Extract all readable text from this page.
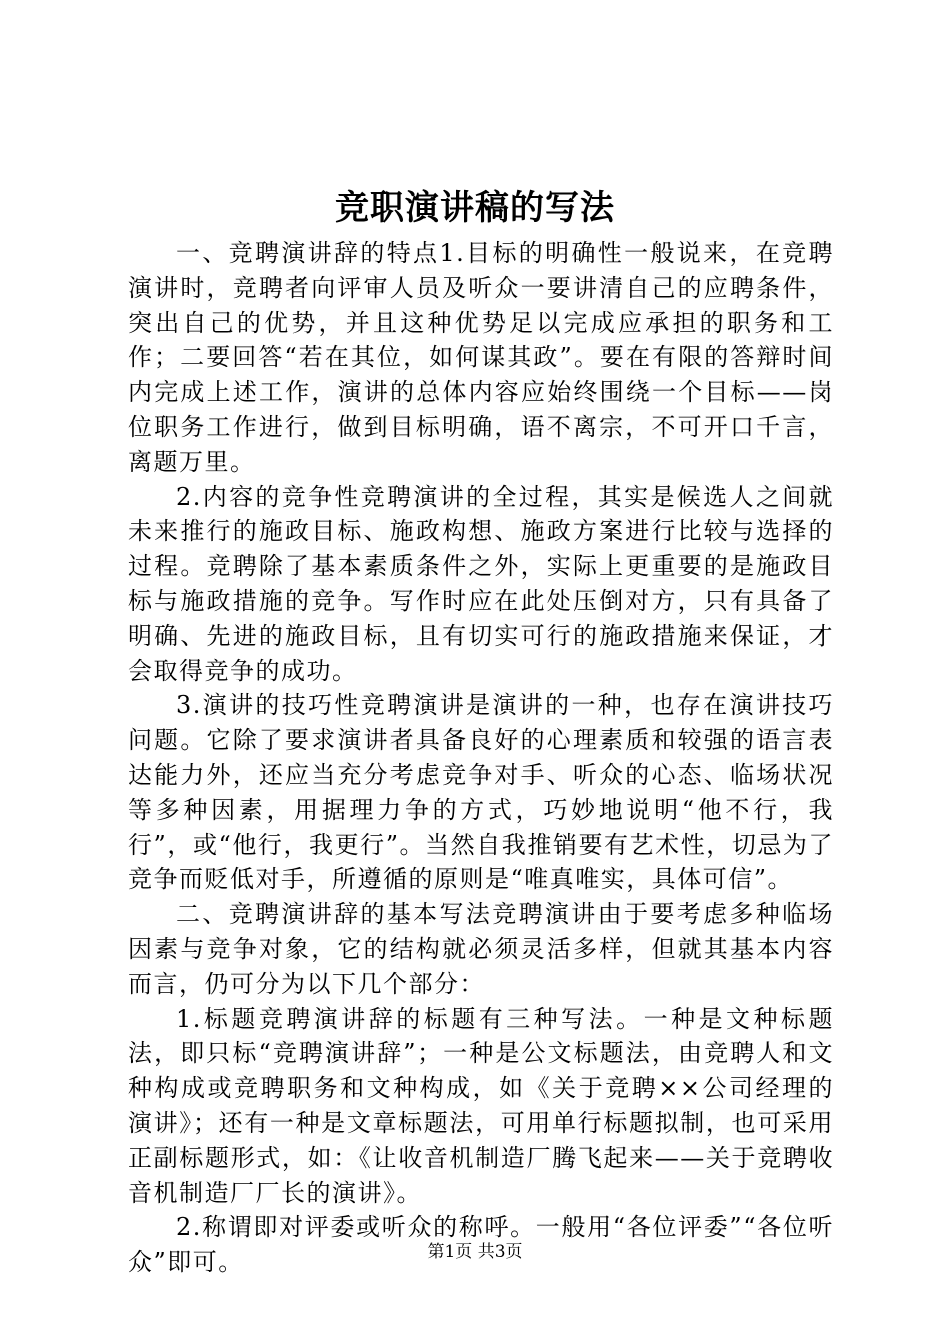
竞职演讲稿的写法

一、竞聘演讲辞的特点1.目标的明确性一般说来，在竞聘演讲时，竞聘者向评审人员及听众一要讲清自己的应聘条件，突出自己的优势，并且这种优势足以完成应承担的职务和工作；二要回答“若在其位，如何谋其政”。要在有限的答辩时间内完成上述工作，演讲的总体内容应始终围绕一个目标——岗位职务工作进行，做到目标明确，语不离宗，不可开口千言，离题万里。

2.内容的竞争性竞聘演讲的全过程，其实是候选人之间就未来推行的施政目标、施政构想、施政方案进行比较与选择的过程。竞聘除了基本素质条件之外，实际上更重要的是施政目标与施政措施的竞争。写作时应在此处压倒对方，只有具备了明确、先进的施政目标，且有切实可行的施政措施来保证，才会取得竞争的成功。

3.演讲的技巧性竞聘演讲是演讲的一种，也存在演讲技巧问题。它除了要求演讲者具备良好的心理素质和较强的语言表达能力外，还应当充分考虑竞争对手、听众的心态、临场状况等多种因素，用据理力争的方式，巧妙地说明“他不行，我行”，或“他行，我更行”。当然自我推销要有艺术性，切忌为了竞争而贬低对手，所遵循的原则是“唯真唯实，具体可信”。

二、竞聘演讲辞的基本写法竞聘演讲由于要考虑多种临场因素与竞争对象，它的结构就必须灵活多样，但就其基本内容而言，仍可分为以下几个部分：

1.标题竞聘演讲辞的标题有三种写法。一种是文种标题法，即只标“竞聘演讲辞”；一种是公文标题法，由竞聘人和文种构成或竞聘职务和文种构成，如《关于竞聘××公司经理的演讲》；还有一种是文章标题法，可用单行标题拟制，也可采用正副标题形式，如：《让收音机制造厂腾飞起来——关于竞聘收音机制造厂厂长的演讲》。

2.称谓即对评委或听众的称呼。一般用“各位评委”“各位听众”即可。	第1页 共3页
